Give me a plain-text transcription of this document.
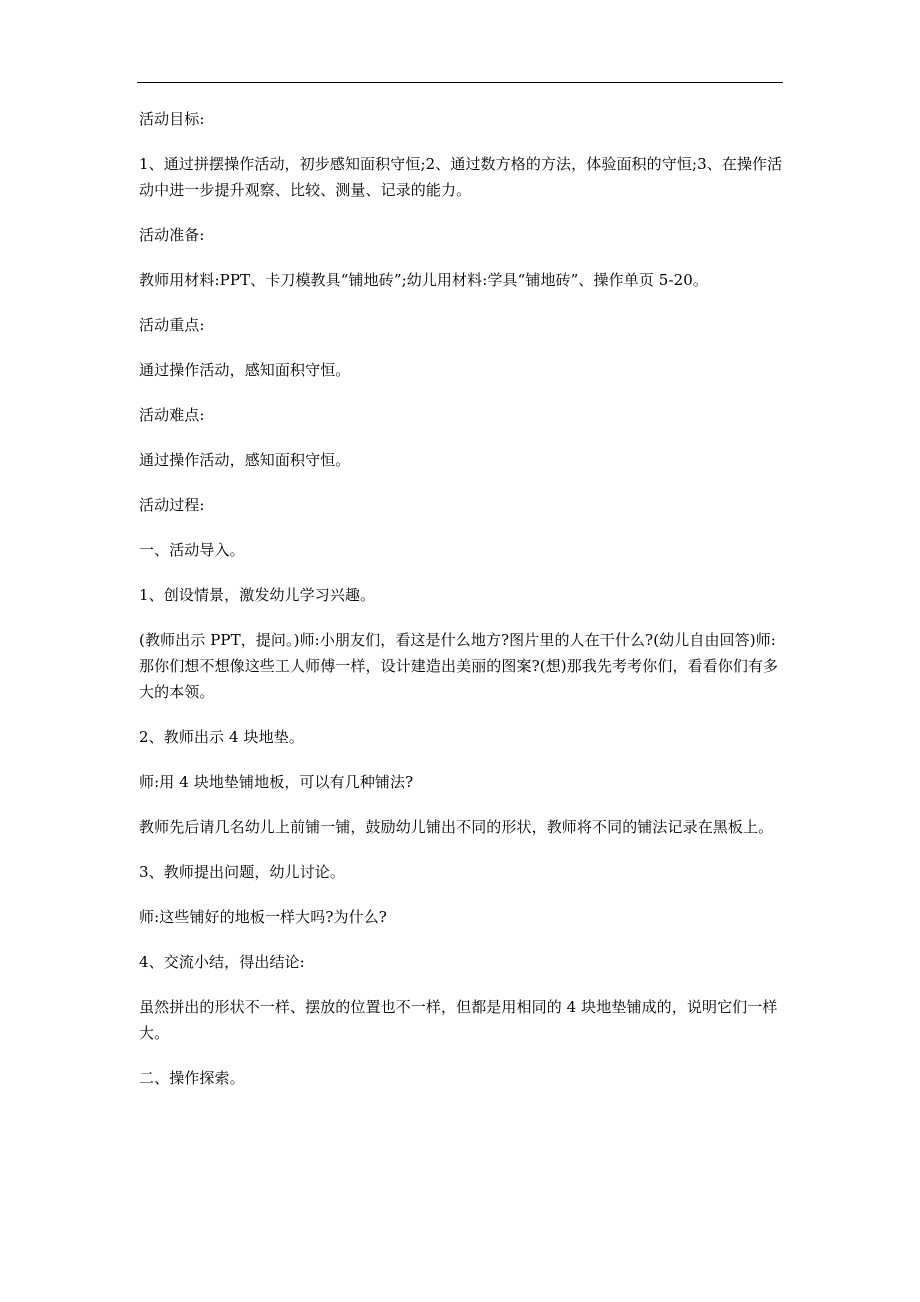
活动目标:

1、通过拼摆操作活动，初步感知面积守恒;2、通过数方格的方法，体验面积的守恒;3、在操作活动中进一步提升观察、比较、测量、记录的能力。

活动准备:

教师用材料:PPT、卡刀模教具“铺地砖”;幼儿用材料:学具“铺地砖”、操作单页 5-20。

活动重点:

通过操作活动，感知面积守恒。

活动难点:

通过操作活动，感知面积守恒。

活动过程:

一、活动导入。

1、创设情景，激发幼儿学习兴趣。

(教师出示 PPT，提问。)师:小朋友们，看这是什么地方?图片里的人在干什么?(幼儿自由回答)师:那你们想不想像这些工人师傅一样，设计建造出美丽的图案?(想)那我先考考你们，看看你们有多大的本领。

2、教师出示 4 块地垫。

师:用 4 块地垫铺地板，可以有几种铺法?

教师先后请几名幼儿上前铺一铺，鼓励幼儿铺出不同的形状，教师将不同的铺法记录在黑板上。

3、教师提出问题，幼儿讨论。

师:这些铺好的地板一样大吗?为什么?

4、交流小结，得出结论:

虽然拼出的形状不一样、摆放的位置也不一样，但都是用相同的 4 块地垫铺成的，说明它们一样大。

二、操作探索。
